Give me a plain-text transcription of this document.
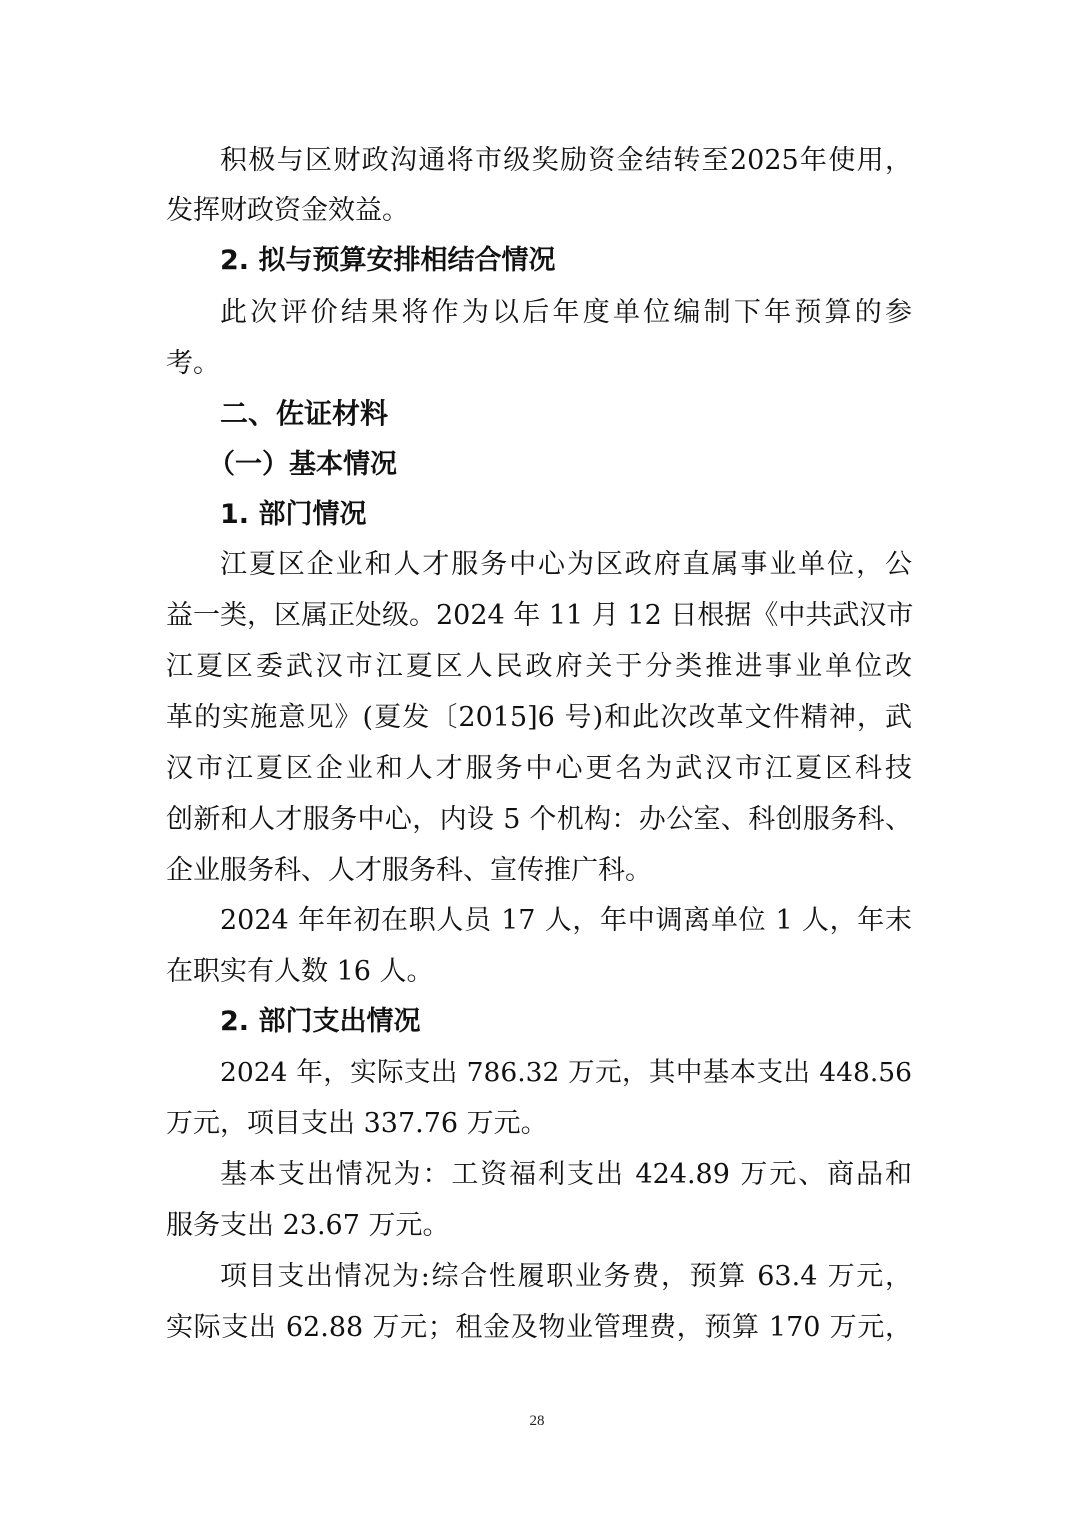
积极与区财政沟通将市级奖励资金结转至2025年使用，
发挥财政资金效益。
2. 拟与预算安排相结合情况
此次评价结果将作为以后年度单位编制下年预算的参
考。
二、佐证材料
（一）基本情况
1. 部门情况
江夏区企业和人才服务中心为区政府直属事业单位，公
益一类，区属正处级。2024 年 11 月 12 日根据《中共武汉市
江夏区委武汉市江夏区人民政府关于分类推进事业单位改
革的实施意见》(夏发〔2015]6 号)和此次改革文件精神，武
汉市江夏区企业和人才服务中心更名为武汉市江夏区科技
创新和人才服务中心，内设 5 个机构：办公室、科创服务科、
企业服务科、人才服务科、宣传推广科。
2024 年年初在职人员 17 人，年中调离单位 1 人，年末
在职实有人数 16 人。
2. 部门支出情况
2024 年，实际支出 786.32 万元，其中基本支出 448.56
万元，项目支出 337.76 万元。
基本支出情况为：工资福利支出 424.89 万元、商品和
服务支出 23.67 万元。
项目支出情况为:综合性履职业务费，预算 63.4 万元，
实际支出 62.88 万元；租金及物业管理费，预算 170 万元，
28
